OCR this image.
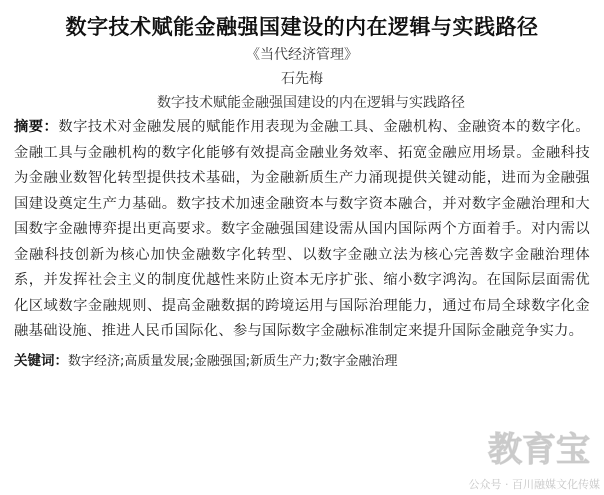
数字技术赋能金融强国建设的内在逻辑与实践路径
《当代经济管理》
石先梅
数字技术赋能金融强国建设的内在逻辑与实践路径
摘要：数字技术对金融发展的赋能作用表现为金融工具、金融机构、金融资本的数字化。金融工具与金融机构的数字化能够有效提高金融业务效率、拓宽金融应用场景。金融科技为金融业数智化转型提供技术基础，为金融新质生产力涌现提供关键动能，进而为金融强国建设奠定生产力基础。数字技术加速金融资本与数字资本融合，并对数字金融治理和大国数字金融博弈提出更高要求。数字金融强国建设需从国内国际两个方面着手。对内需以金融科技创新为核心加快金融数字化转型、以数字金融立法为核心完善数字金融治理体系，并发挥社会主义的制度优越性来防止资本无序扩张、缩小数字鸿沟。在国际层面需优化区域数字金融规则、提高金融数据的跨境运用与国际治理能力，通过布局全球数字化金融基础设施、推进人民币国际化、参与国际数字金融标准制定来提升国际金融竞争实力。
关键词：数字经济;高质量发展;金融强国;新质生产力;数字金融治理
教育宝
公众号 · 百川融媒文化传媒
